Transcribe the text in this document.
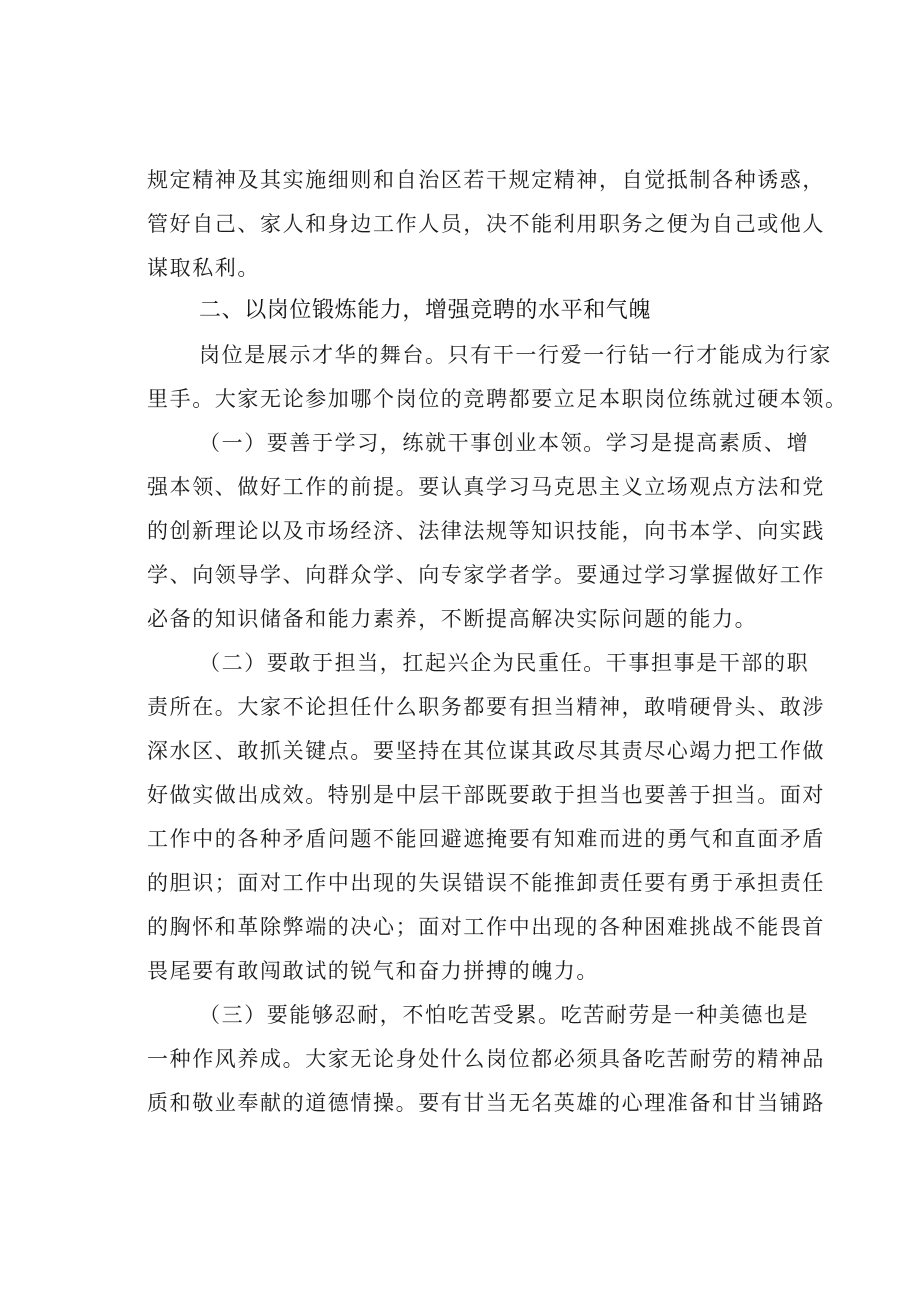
规定精神及其实施细则和自治区若干规定精神，自觉抵制各种诱惑，
管好自己、家人和身边工作人员，决不能利用职务之便为自己或他人
谋取私利。
二、以岗位锻炼能力，增强竞聘的水平和气魄
岗位是展示才华的舞台。只有干一行爱一行钻一行才能成为行家
里手。大家无论参加哪个岗位的竞聘都要立足本职岗位练就过硬本领。
（一）要善于学习，练就干事创业本领。学习是提高素质、增
强本领、做好工作的前提。要认真学习马克思主义立场观点方法和党
的创新理论以及市场经济、法律法规等知识技能，向书本学、向实践
学、向领导学、向群众学、向专家学者学。要通过学习掌握做好工作
必备的知识储备和能力素养，不断提高解决实际问题的能力。
（二）要敢于担当，扛起兴企为民重任。干事担事是干部的职
责所在。大家不论担任什么职务都要有担当精神，敢啃硬骨头、敢涉
深水区、敢抓关键点。要坚持在其位谋其政尽其责尽心竭力把工作做
好做实做出成效。特别是中层干部既要敢于担当也要善于担当。面对
工作中的各种矛盾问题不能回避遮掩要有知难而进的勇气和直面矛盾
的胆识；面对工作中出现的失误错误不能推卸责任要有勇于承担责任
的胸怀和革除弊端的决心；面对工作中出现的各种困难挑战不能畏首
畏尾要有敢闯敢试的锐气和奋力拼搏的魄力。
（三）要能够忍耐，不怕吃苦受累。吃苦耐劳是一种美德也是
一种作风养成。大家无论身处什么岗位都必须具备吃苦耐劳的精神品
质和敬业奉献的道德情操。要有甘当无名英雄的心理准备和甘当铺路
